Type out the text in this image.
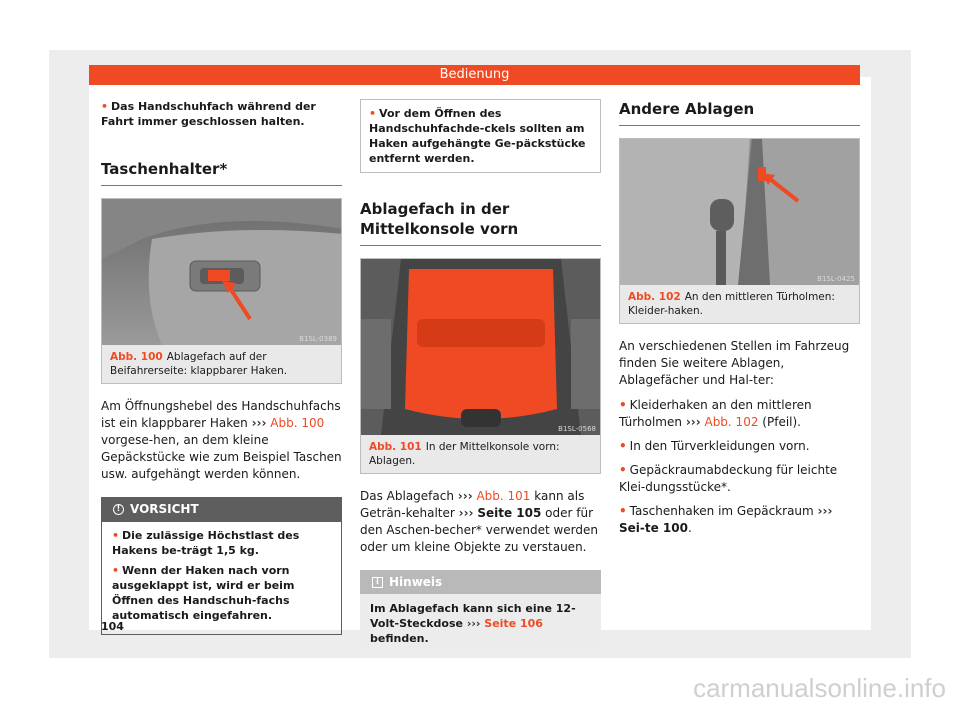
Bedienung
• Das Handschuhfach während der Fahrt immer geschlossen halten.
Taschenhalter*
B1SL-0389
Abb. 100 Ablagefach auf der Beifahrerseite: klappbarer Haken.

Am Öffnungshebel des Handschuhfachs ist ein klappbarer Haken ››› Abb. 100 vorgese-hen, an dem kleine Gepäckstücke wie zum Beispiel Taschen usw. aufgehängt werden können.

! VORSICHT

• Die zulässige Höchstlast des Hakens be-trägt 1,5 kg.

• Wenn der Haken nach vorn ausgeklappt ist, wird er beim Öffnen des Handschuh-fachs automatisch eingefahren.

• Vor dem Öffnen des Handschuhfachde-ckels sollten am Haken aufgehängte Ge-päckstücke entfernt werden.
Ablagefach in der Mittelkonsole vorn
B1SL-0568
Abb. 101 In der Mittelkonsole vorn: Ablagen.

Das Ablagefach ››› Abb. 101 kann als Geträn-kehalter ››› Seite 105 oder für den Aschen-becher* verwendet werden oder um kleine Objekte zu verstauen.

i Hinweis
Im Ablagefach kann sich eine 12-Volt-Steckdose ››› Seite 106 befinden.
Andere Ablagen
B1SL-0425
Abb. 102 An den mittleren Türholmen: Kleider-haken.

An verschiedenen Stellen im Fahrzeug finden Sie weitere Ablagen, Ablagefächer und Hal-ter:

• Kleiderhaken an den mittleren Türholmen ››› Abb. 102 (Pfeil).

• In den Türverkleidungen vorn.

• Gepäckraumabdeckung für leichte Klei-dungsstücke*.

• Taschenhaken im Gepäckraum ››› Sei-te 100.

104
carmanualsonline.info
